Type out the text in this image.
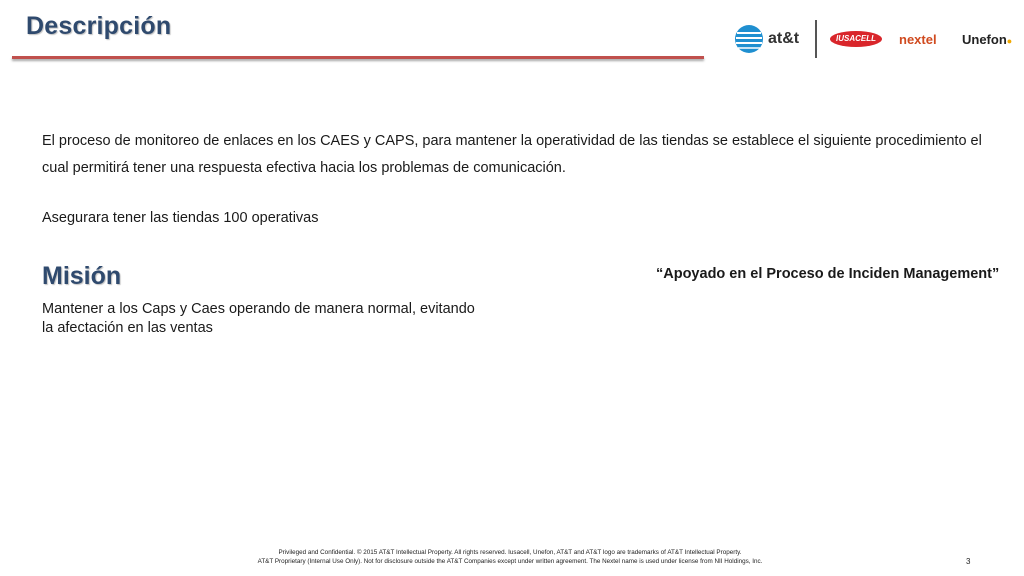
Descripción	at&t	IUSACELL	nextel Unefon●
El proceso de monitoreo de enlaces en los CAES y CAPS, para mantener la operatividad de las tiendas se establece el siguiente procedimiento el cual permitirá tener una respuesta efectiva hacia los problemas de comunicación.
Asegurara tener las tiendas 100 operativas
Misión
Mantener a los Caps y Caes operando de manera normal, evitando la afectación en las ventas
“Apoyado en el Proceso de Inciden Management”
Privileged and Confidential. © 2015 AT&T Intellectual Property. All rights reserved. Iusacell, Unefon, AT&T and AT&T logo are trademarks of AT&T Intellectual Property.
AT&T Proprietary (Internal Use Only). Not for disclosure outside the AT&T Companies except under written agreement. The Nextel name is used under license from NII Holdings, Inc.	3
